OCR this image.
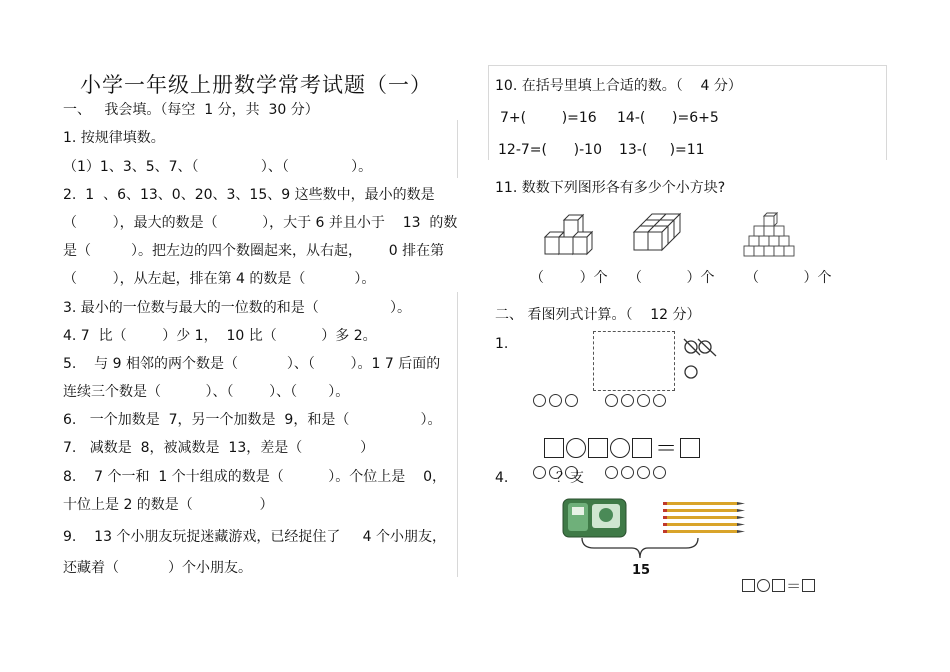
小学一年级上册数学常考试题（一）
一、   我会填。（每空  1 分，共  30 分）
1. 按规律填数。
（1）1、3、5、7、（              ）、（              ）。
2.  1  、6、13、0、20、3、15、9 这些数中，最小的数是
（        ），最大的数是（          ），大于 6 并且小于    13  的数
是（         ）。把左边的四个数圈起来，从右起，      0 排在第
（        ），从左起，排在第 4 的数是（           ）。
3. 最小的一位数与最大的一位数的和是（                ）。
4. 7  比（        ）少 1，  10 比（          ）多 2。
5.    与 9 相邻的两个数是（           ）、（        ）。1 7 后面的
连续三个数是（          ）、（        ）、（       ）。
6.   一个加数是  7，另一个加数是  9，和是（                ）。
7.   减数是  8，被减数是  13，差是（             ）
8.    7 个一和  1 个十组成的数是（          ）。个位上是    0，
十位上是 2 的数是（               ）
9.    13 个小朋友玩捉迷藏游戏，已经捉住了     4 个小朋友，
还藏着（           ）个小朋友。
10. 在括号里填上合适的数。（    4 分）
7+(        )=16 14-(      )=6+5
12-7=(      )-10 13-(     )=11
11. 数数下列图形各有多少个小方块?
（        ）个 （          ）个 （          ）个
二、 看图列式计算。（    12 分）
1.

＝

4.	？支
15

＝
